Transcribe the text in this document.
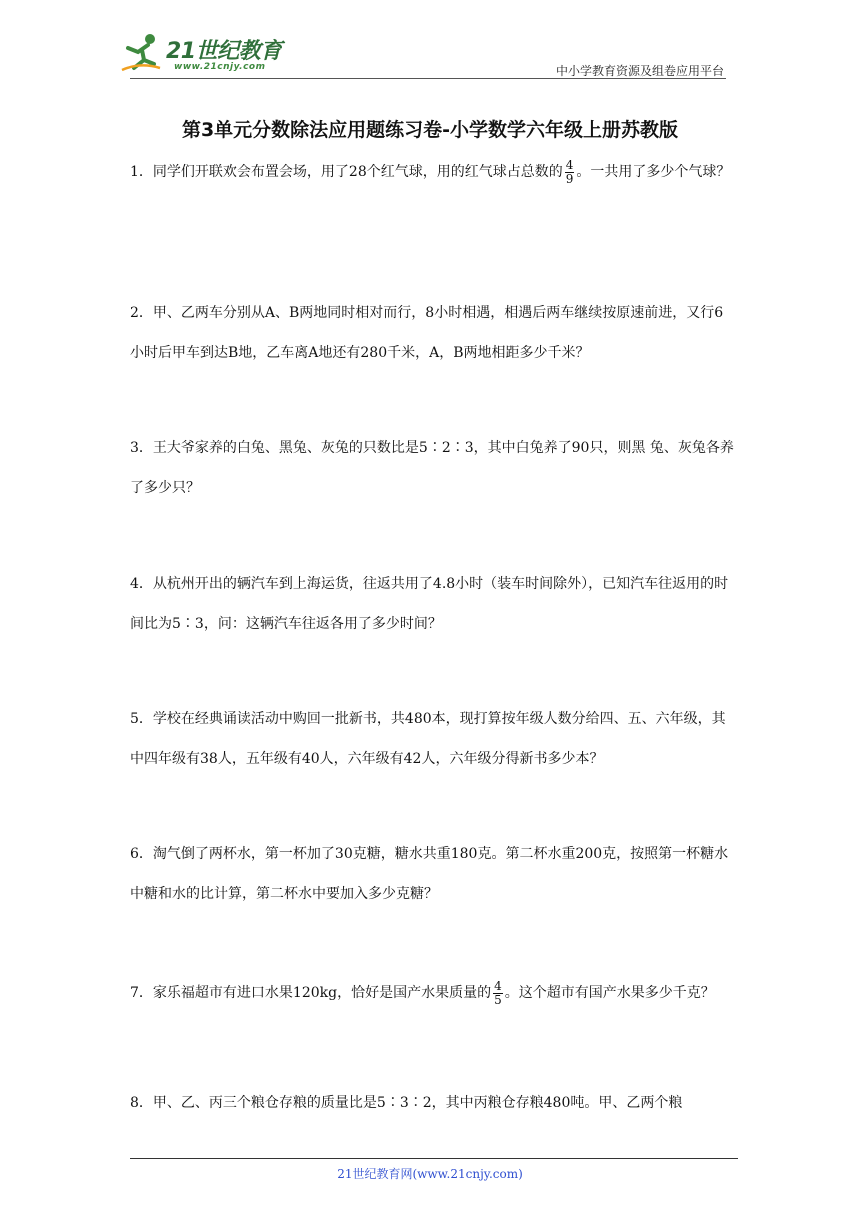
21世纪教育
www.21cnjy.com	中小学教育资源及组卷应用平台
第3单元分数除法应用题练习卷-小学数学六年级上册苏教版
1．同学们开联欢会布置会场，用了28个红气球，用的红气球占总数的 $\frac{4}{9}$ 。一共用了多少个气球？
2．甲、乙两车分别从A、B两地同时相对而行，8小时相遇，相遇后两车继续按原速前进，又行6小时后甲车到达B地，乙车离A地还有280千米，A，B两地相距多少千米？
3．王大爷家养的白兔、黑兔、灰兔的只数比是5∶2∶3，其中白兔养了90只，则黑 兔、灰兔各养了多少只？
4．从杭州开出的辆汽车到上海运货，往返共用了4.8小时（装车时间除外），已知汽车往返用的时间比为5∶3，问：这辆汽车往返各用了多少时间？
5．学校在经典诵读活动中购回一批新书，共480本，现打算按年级人数分给四、五、六年级，其中四年级有38人，五年级有40人，六年级有42人，六年级分得新书多少本？
6．淘气倒了两杯水，第一杯加了30克糖，糖水共重180克。第二杯水重200克，按照第一杯糖水中糖和水的比计算，第二杯水中要加入多少克糖？
7．家乐福超市有进口水果120kg，恰好是国产水果质量的 $\frac{4}{5}$ 。这个超市有国产水果多少千克？
8．甲、乙、丙三个粮仓存粮的质量比是5∶3∶2，其中丙粮仓存粮480吨。甲、乙两个粮
21世纪教育网(www.21cnjy.com)
